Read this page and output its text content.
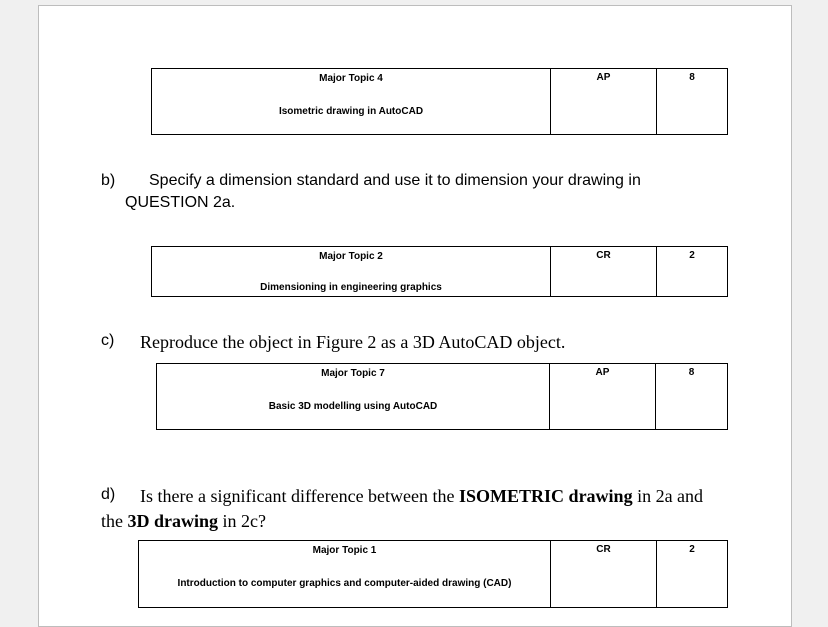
Major Topic 4
Isometric drawing in AutoCAD
	AP	8
b) Specify a dimension standard and use it to dimension your drawing in
QUESTION 2a.
Major Topic 2
Dimensioning in engineering graphics
	CR	2
c) Reproduce the object in Figure 2 as a 3D AutoCAD object.
Major Topic 7
Basic 3D modelling using AutoCAD
	AP	8
d) Is there a significant difference between the ISOMETRIC drawing in 2a and
the 3D drawing in 2c?
Major Topic 1
Introduction to computer graphics and computer-aided drawing (CAD)
	CR	2
